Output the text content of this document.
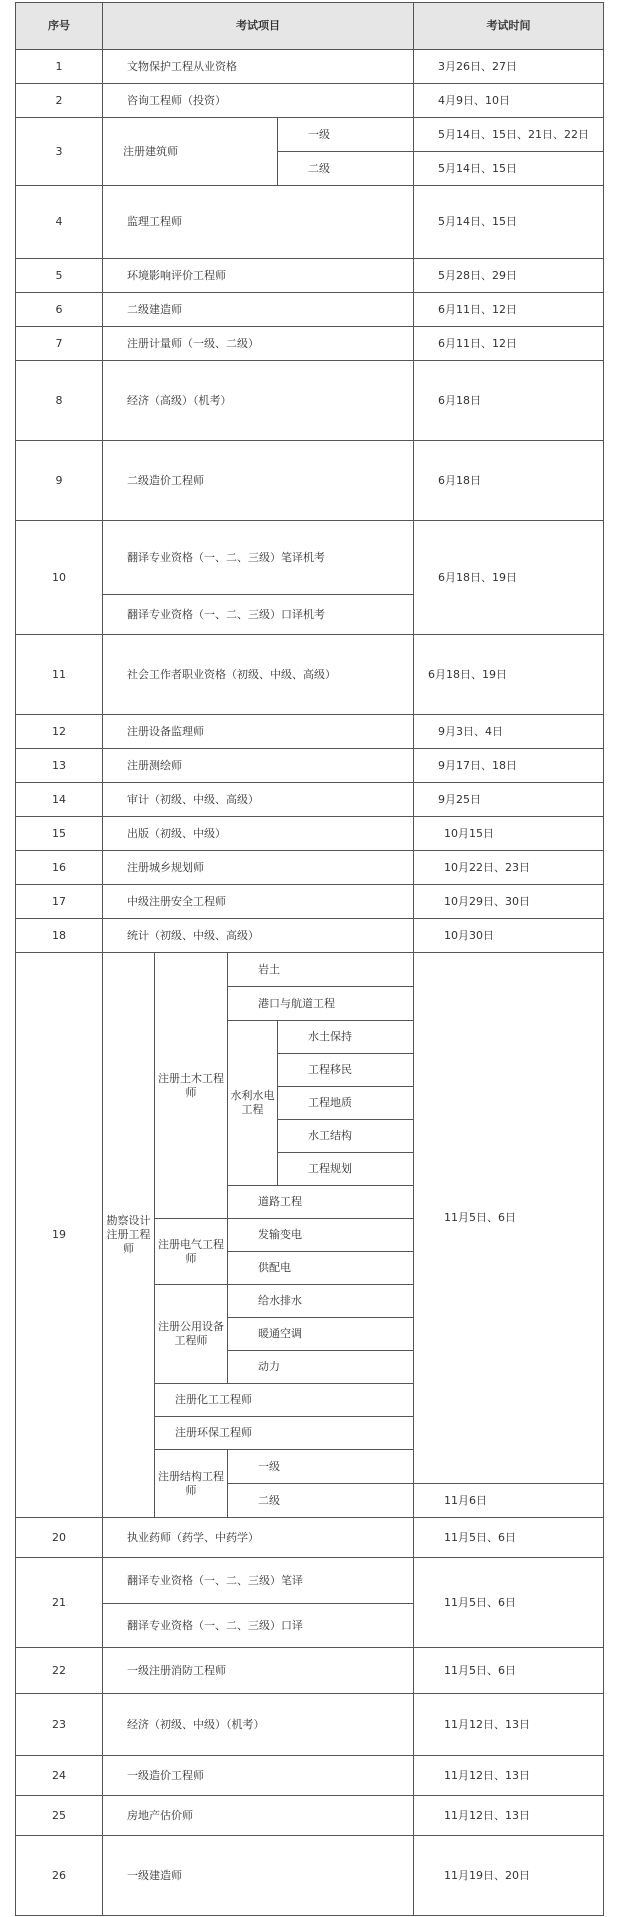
序号	考试项目				考试时间
1	文物保护工程从业资格				3月26日、27日
2	咨询工程师（投资）				4月9日、10日
3	注册建筑师			一级	5月14日、15日、21日、22日
				二级	5月14日、15日
4	监理工程师				5月14日、15日
5	环境影响评价工程师				5月28日、29日
6	二级建造师				6月11日、12日
7	注册计量师（一级、二级）				6月11日、12日
8	经济（高级）（机考）				6月18日
9	二级造价工程师				6月18日
10	翻译专业资格（一、二、三级）笔译机考				6月18日、19日
	翻译专业资格（一、二、三级）口译机考				
11	社会工作者职业资格（初级、中级、高级）				6月18日、19日
12	注册设备监理师				9月3日、4日
13	注册测绘师				9月17日、18日
14	审计（初级、中级、高级）				9月25日
15	出版（初级、中级）				10月15日
16	注册城乡规划师				10月22日、23日
17	中级注册安全工程师				10月29日、30日
18	统计（初级、中级、高级）				10月30日
19	勘察设计注册工程师	注册土木工程师	岩土		11月5日、6日
			港口与航道工程		
			水利水电工程	水土保持	
				工程移民	
				工程地质	
				水工结构	
				工程规划	
			道路工程		
		注册电气工程师	发输变电		
			供配电		
		注册公用设备工程师	给水排水		
			暖通空调		
			动力		
		注册化工工程师			
		注册环保工程师			
		注册结构工程师	一级		
			二级		11月6日
20	执业药师（药学、中药学）				11月5日、6日
21	翻译专业资格（一、二、三级）笔译				11月5日、6日
	翻译专业资格（一、二、三级）口译				
22	一级注册消防工程师				11月5日、6日
23	经济（初级、中级）（机考）				11月12日、13日
24	一级造价工程师				11月12日、13日
25	房地产估价师				11月12日、13日
26	一级建造师				11月19日、20日
